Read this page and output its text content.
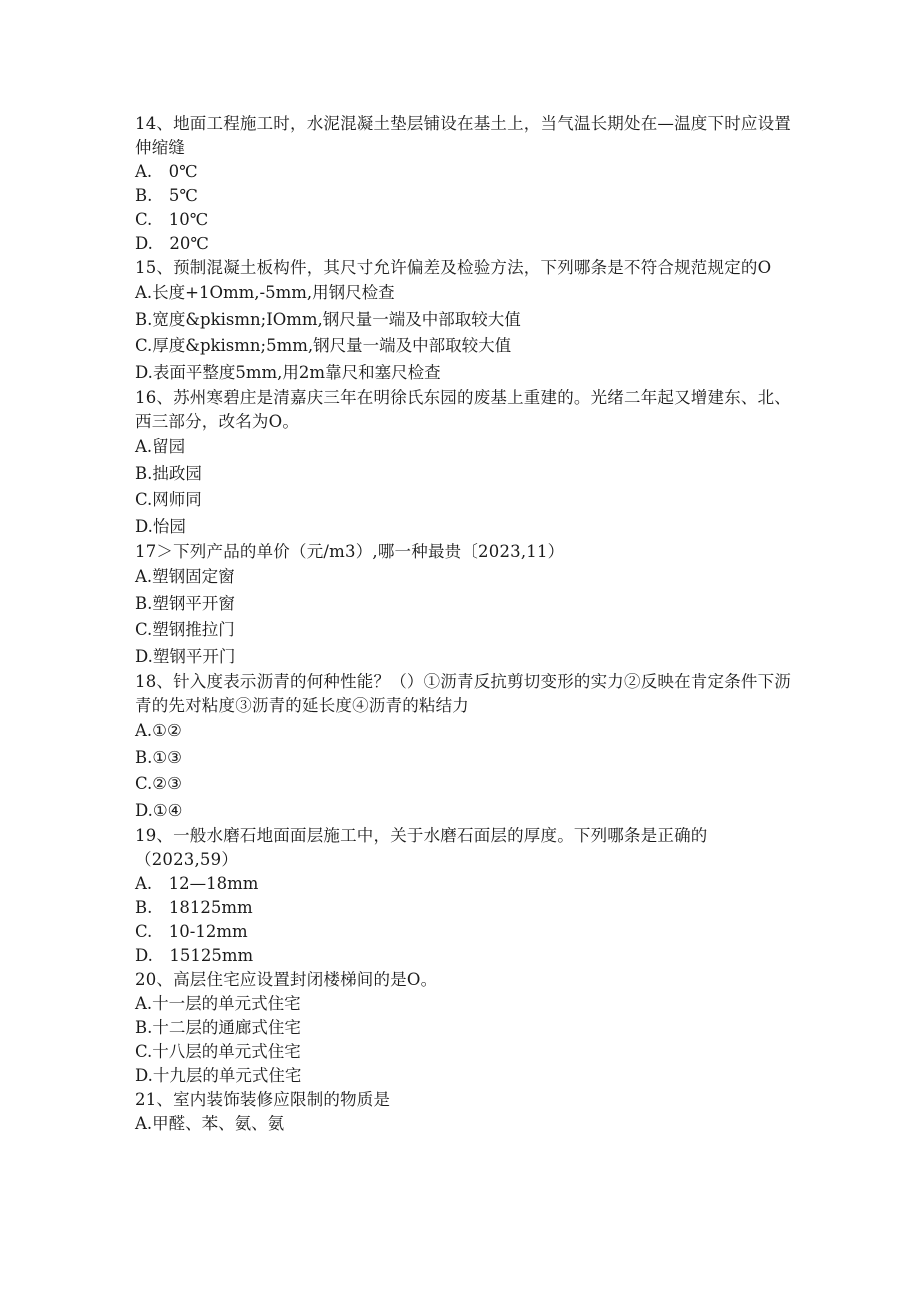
14、地面工程施工时，水泥混凝土垫层铺设在基土上，当气温长期处在—温度下时应设置伸缩缝

A.　0℃

B.　5℃

C.　10℃

D.　20℃

15、预制混凝土板构件，其尺寸允许偏差及检验方法，下列哪条是不符合规范规定的O

A.长度+1Omm,-5mm,用钢尺检查

B.宽度&pkismn;IOmm,钢尺量一端及中部取较大值

C.厚度&pkismn;5mm,钢尺量一端及中部取较大值

D.表面平整度5mm,用2m靠尺和塞尺检查

16、苏州寒碧庄是清嘉庆三年在明徐氏东园的废基上重建的。光绪二年起又增建东、北、西三部分，改名为O。

A.留园

B.拙政园

C.网师同

D.怡园

17＞下列产品的单价（元/m3）,哪一种最贵〔2023,11）

A.塑钢固定窗

B.塑钢平开窗

C.塑钢推拉门

D.塑钢平开门

18、针入度表示沥青的何种性能？（）①沥青反抗剪切变形的实力②反映在肯定条件下沥青的先对粘度③沥青的延长度④沥青的粘结力

A.①②

B.①③

C.②③

D.①④

19、一般水磨石地面面层施工中，关于水磨石面层的厚度。下列哪条是正确的（2023,59）

A.　12—18mm

B.　18125mm

C.　10-12mm

D.　15125mm

20、高层住宅应设置封闭楼梯间的是O。

A.十一层的单元式住宅

B.十二层的通廊式住宅

C.十八层的单元式住宅

D.十九层的单元式住宅

21、室内装饰装修应限制的物质是

A.甲醛、苯、氨、氨
